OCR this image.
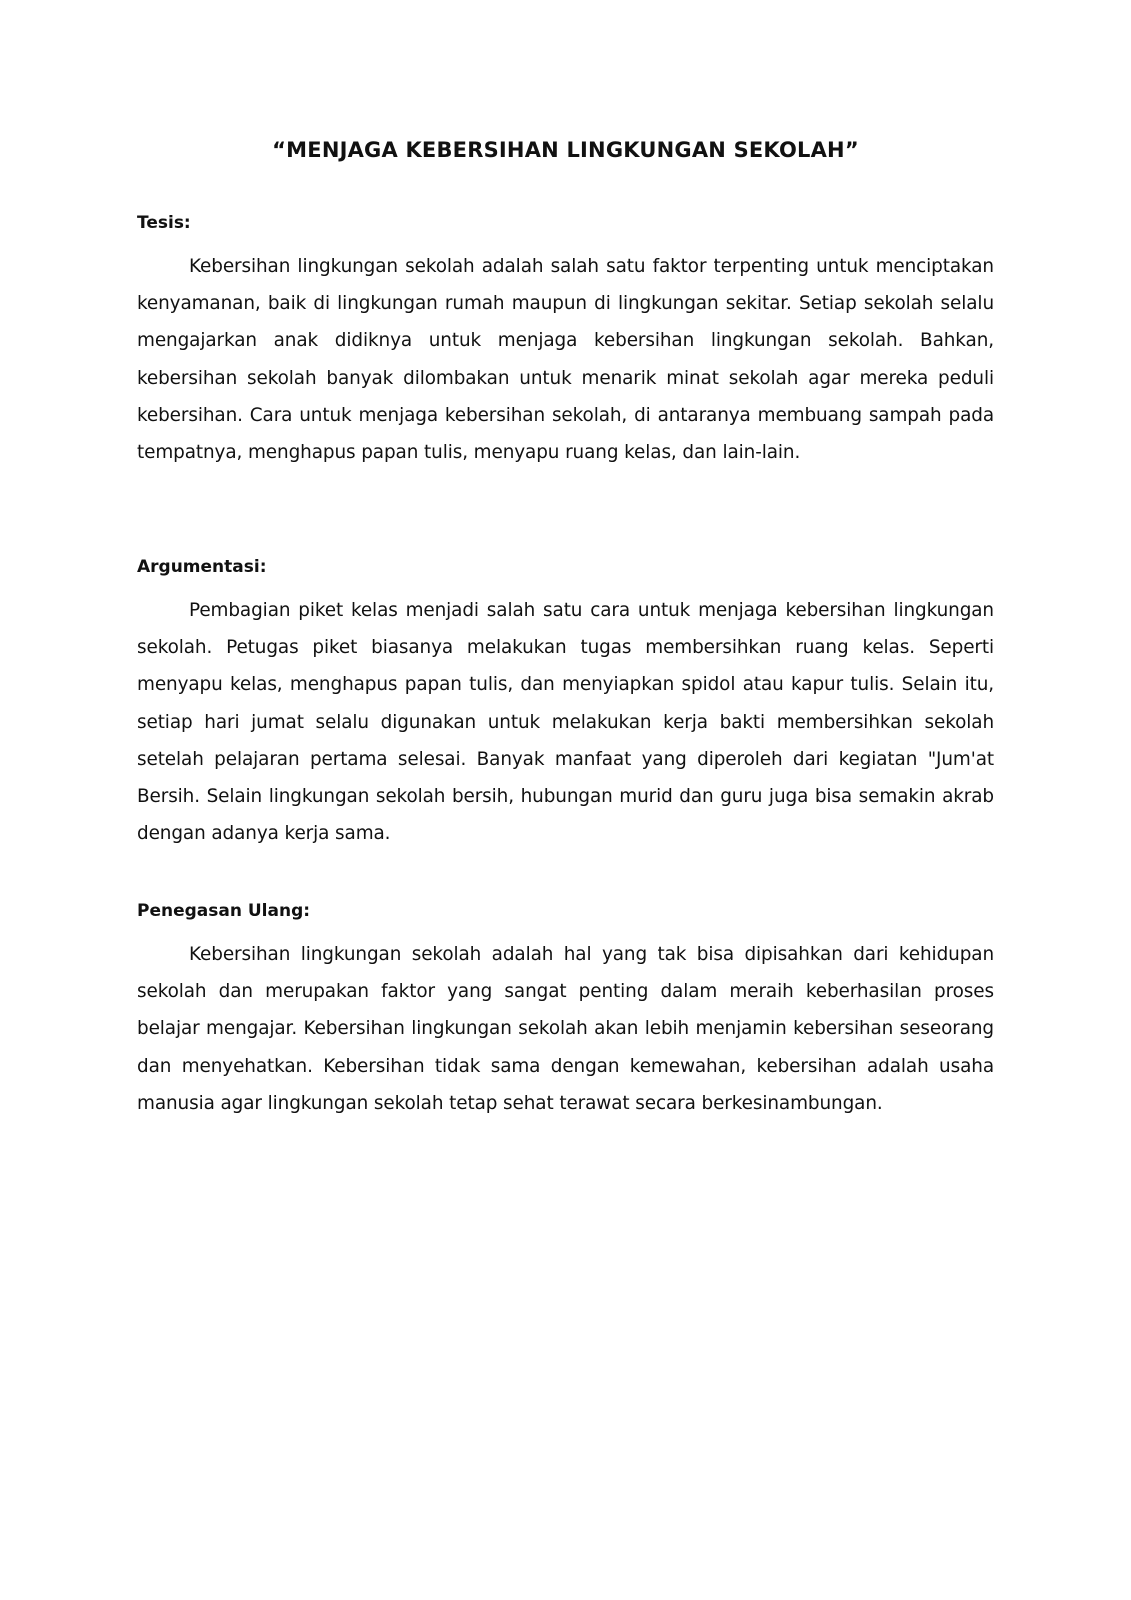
“MENJAGA KEBERSIHAN LINGKUNGAN SEKOLAH”
Tesis:

Kebersihan lingkungan sekolah adalah salah satu faktor terpenting untuk menciptakan kenyamanan, baik di lingkungan rumah maupun di lingkungan sekitar. Setiap sekolah selalu mengajarkan anak didiknya untuk menjaga kebersihan lingkungan sekolah. Bahkan, kebersihan sekolah banyak dilombakan untuk menarik minat sekolah agar mereka peduli kebersihan. Cara untuk menjaga kebersihan sekolah, di antaranya membuang sampah pada tempatnya, menghapus papan tulis, menyapu ruang kelas, dan lain-lain.

Argumentasi:

Pembagian piket kelas menjadi salah satu cara untuk menjaga kebersihan lingkungan sekolah. Petugas piket biasanya melakukan tugas membersihkan ruang kelas. Seperti menyapu kelas, menghapus papan tulis, dan menyiapkan spidol atau kapur tulis. Selain itu, setiap hari jumat selalu digunakan untuk melakukan kerja bakti membersihkan sekolah setelah pelajaran pertama selesai. Banyak manfaat yang diperoleh dari kegiatan "Jum'at Bersih. Selain lingkungan sekolah bersih, hubungan murid dan guru juga bisa semakin akrab dengan adanya kerja sama.

Penegasan Ulang:

Kebersihan lingkungan sekolah adalah hal yang tak bisa dipisahkan dari kehidupan sekolah dan merupakan faktor yang sangat penting dalam meraih keberhasilan proses belajar mengajar. Kebersihan lingkungan sekolah akan lebih menjamin kebersihan seseorang dan menyehatkan. Kebersihan tidak sama dengan kemewahan, kebersihan adalah usaha manusia agar lingkungan sekolah tetap sehat terawat secara berkesinambungan.
